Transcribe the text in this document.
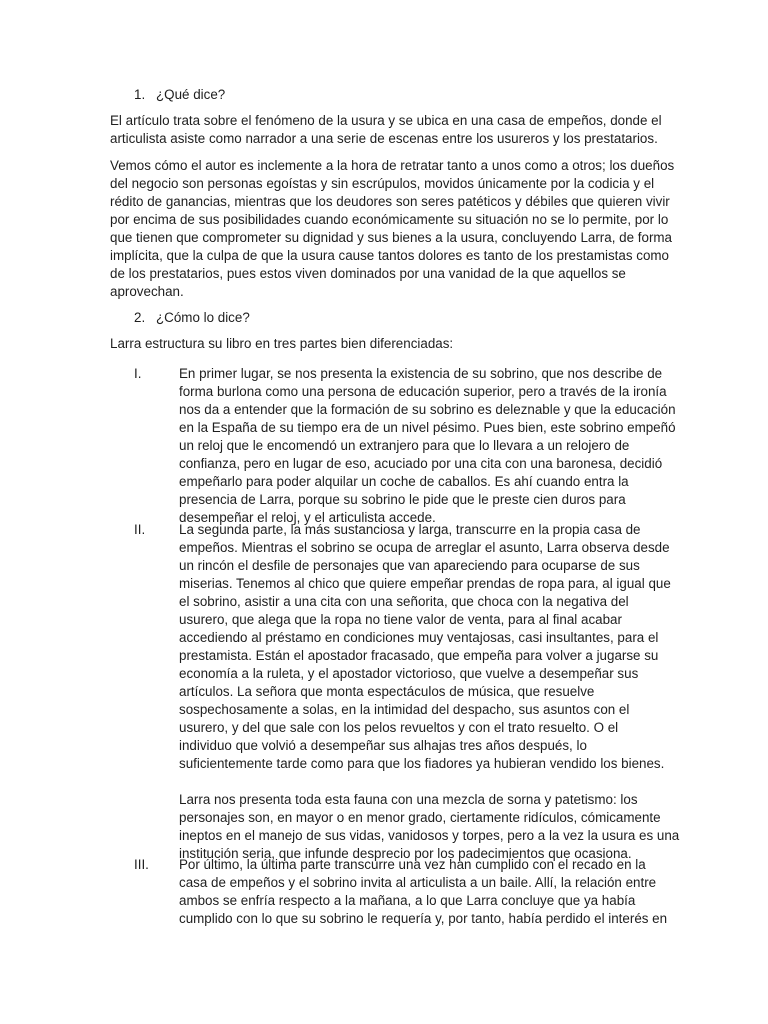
1. ¿Qué dice?
El artículo trata sobre el fenómeno de la usura y se ubica en una casa de empeños, donde el
articulista asiste como narrador a una serie de escenas entre los usureros y los prestatarios.
Vemos cómo el autor es inclemente a la hora de retratar tanto a unos como a otros; los dueños
del negocio son personas egoístas y sin escrúpulos, movidos únicamente por la codicia y el
rédito de ganancias, mientras que los deudores son seres patéticos y débiles que quieren vivir
por encima de sus posibilidades cuando económicamente su situación no se lo permite, por lo
que tienen que comprometer su dignidad y sus bienes a la usura, concluyendo Larra, de forma
implícita, que la culpa de que la usura cause tantos dolores es tanto de los prestamistas como
de los prestatarios, pues estos viven dominados por una vanidad de la que aquellos se
aprovechan.
2. ¿Cómo lo dice?
Larra estructura su libro en tres partes bien diferenciadas:
I.	En primer lugar, se nos presenta la existencia de su sobrino, que nos describe de
forma burlona como una persona de educación superior, pero a través de la ironía
nos da a entender que la formación de su sobrino es deleznable y que la educación
en la España de su tiempo era de un nivel pésimo. Pues bien, este sobrino empeñó
un reloj que le encomendó un extranjero para que lo llevara a un relojero de
confianza, pero en lugar de eso, acuciado por una cita con una baronesa, decidió
empeñarlo para poder alquilar un coche de caballos. Es ahí cuando entra la
presencia de Larra, porque su sobrino le pide que le preste cien duros para
desempeñar el reloj, y el articulista accede.
II.	La segunda parte, la más sustanciosa y larga, transcurre en la propia casa de
empeños. Mientras el sobrino se ocupa de arreglar el asunto, Larra observa desde
un rincón el desfile de personajes que van apareciendo para ocuparse de sus
miserias. Tenemos al chico que quiere empeñar prendas de ropa para, al igual que
el sobrino, asistir a una cita con una señorita, que choca con la negativa del
usurero, que alega que la ropa no tiene valor de venta, para al final acabar
accediendo al préstamo en condiciones muy ventajosas, casi insultantes, para el
prestamista. Están el apostador fracasado, que empeña para volver a jugarse su
economía a la ruleta, y el apostador victorioso, que vuelve a desempeñar sus
artículos. La señora que monta espectáculos de música, que resuelve
sospechosamente a solas, en la intimidad del despacho, sus asuntos con el
usurero, y del que sale con los pelos revueltos y con el trato resuelto. O el
individuo que volvió a desempeñar sus alhajas tres años después, lo
suficientemente tarde como para que los fiadores ya hubieran vendido los bienes.
Larra nos presenta toda esta fauna con una mezcla de sorna y patetismo: los
personajes son, en mayor o en menor grado, ciertamente ridículos, cómicamente
ineptos en el manejo de sus vidas, vanidosos y torpes, pero a la vez la usura es una
institución seria, que infunde desprecio por los padecimientos que ocasiona.
III. Por último, la última parte transcurre una vez han cumplido con el recado en la
casa de empeños y el sobrino invita al articulista a un baile. Allí, la relación entre
ambos se enfría respecto a la mañana, a lo que Larra concluye que ya había
cumplido con lo que su sobrino le requería y, por tanto, había perdido el interés en
